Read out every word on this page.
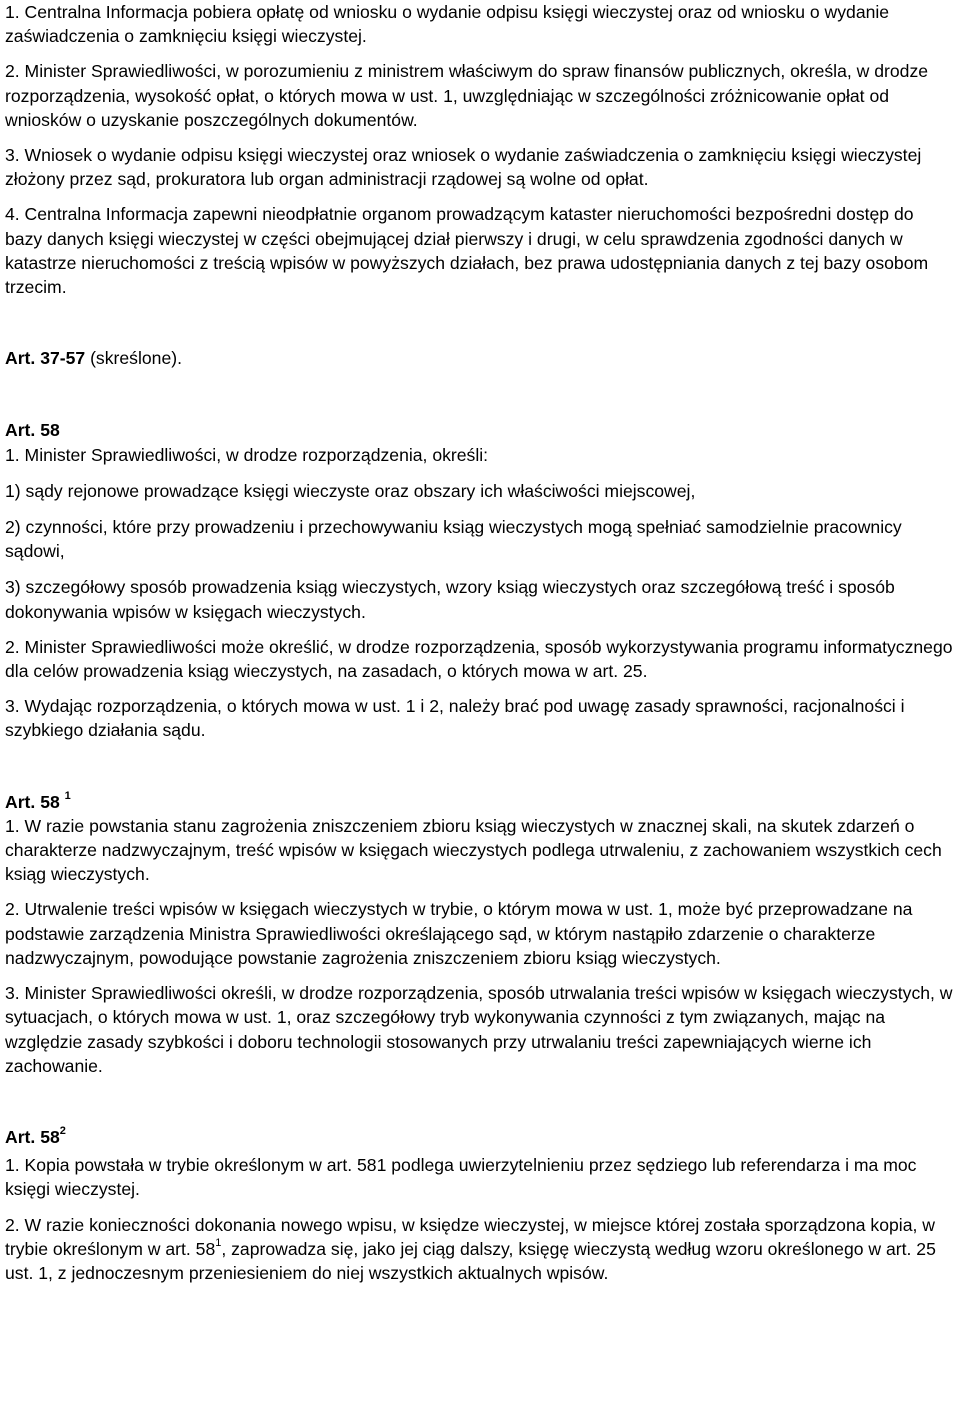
1. Centralna Informacja pobiera opłatę od wniosku o wydanie odpisu księgi wieczystej oraz od wniosku o wydanie zaświadczenia o zamknięciu księgi wieczystej.

2. Minister Sprawiedliwości, w porozumieniu z ministrem właściwym do spraw finansów publicznych, określa, w drodze rozporządzenia, wysokość opłat, o których mowa w ust. 1, uwzględniając w szczególności zróżnicowanie opłat od wniosków o uzyskanie poszczególnych dokumentów.

3. Wniosek o wydanie odpisu księgi wieczystej oraz wniosek o wydanie zaświadczenia o zamknięciu księgi wieczystej złożony przez sąd, prokuratora lub organ administracji rządowej są wolne od opłat.

4. Centralna Informacja zapewni nieodpłatnie organom prowadzącym kataster nieruchomości bezpośredni dostęp do bazy danych księgi wieczystej w części obejmującej dział pierwszy i drugi, w celu sprawdzenia zgodności danych w katastrze nieruchomości z treścią wpisów w powyższych działach, bez prawa udostępniania danych z tej bazy osobom trzecim.

Art. 37-57 (skreślone).

Art. 58

1. Minister Sprawiedliwości, w drodze rozporządzenia, określi:

1) sądy rejonowe prowadzące księgi wieczyste oraz obszary ich właściwości miejscowej,

2) czynności, które przy prowadzeniu i przechowywaniu ksiąg wieczystych mogą spełniać samodzielnie pracownicy sądowi,

3) szczegółowy sposób prowadzenia ksiąg wieczystych, wzory ksiąg wieczystych oraz szczegółową treść i sposób dokonywania wpisów w księgach wieczystych.

2. Minister Sprawiedliwości może określić, w drodze rozporządzenia, sposób wykorzystywania programu informatycznego dla celów prowadzenia ksiąg wieczystych, na zasadach, o których mowa w art. 25.

3. Wydając rozporządzenia, o których mowa w ust. 1 i 2, należy brać pod uwagę zasady sprawności, racjonalności i szybkiego działania sądu.

Art. 58 $^1$

1. W razie powstania stanu zagrożenia zniszczeniem zbioru ksiąg wieczystych w znacznej skali, na skutek zdarzeń o charakterze nadzwyczajnym, treść wpisów w księgach wieczystych podlega utrwaleniu, z zachowaniem wszystkich cech ksiąg wieczystych.

2. Utrwalenie treści wpisów w księgach wieczystych w trybie, o którym mowa w ust. 1, może być przeprowadzane na podstawie zarządzenia Ministra Sprawiedliwości określającego sąd, w którym nastąpiło zdarzenie o charakterze nadzwyczajnym, powodujące powstanie zagrożenia zniszczeniem zbioru ksiąg wieczystych.

3. Minister Sprawiedliwości określi, w drodze rozporządzenia, sposób utrwalania treści wpisów w księgach wieczystych, w sytuacjach, o których mowa w ust. 1, oraz szczegółowy tryb wykonywania czynności z tym związanych, mając na względzie zasady szybkości i doboru technologii stosowanych przy utrwalaniu treści zapewniających wierne ich zachowanie.

Art. $58^2$

1. Kopia powstała w trybie określonym w art. 581 podlega uwierzytelnieniu przez sędziego lub referendarza i ma moc księgi wieczystej.

2. W razie konieczności dokonania nowego wpisu, w księdze wieczystej, w miejsce której została sporządzona kopia, w trybie określonym w art. $58^1$, zaprowadza się, jako jej ciąg dalszy, księgę wieczystą według wzoru określonego w art. 25 ust. 1, z jednoczesnym przeniesieniem do niej wszystkich aktualnych wpisów.
